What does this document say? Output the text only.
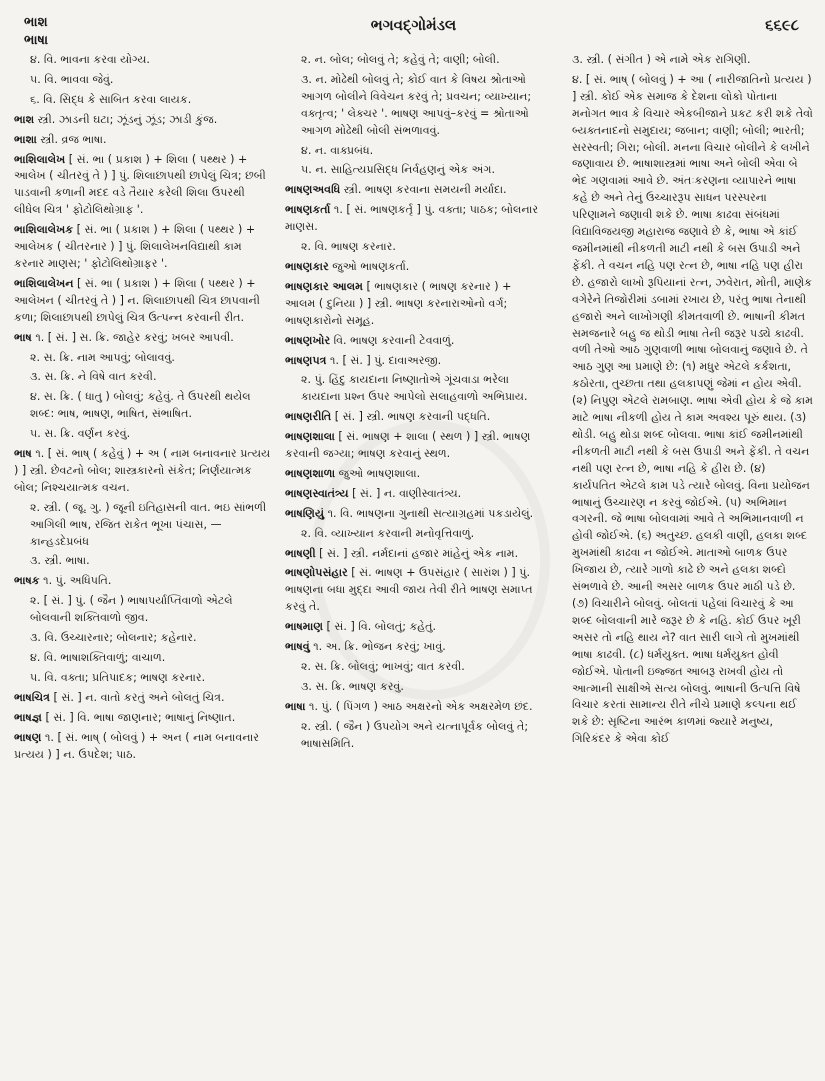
ભાશ
ભાષા
ભગવદ્ગોમંડલ	૬૬૯૮

૪. વિ. ભાવના કરવા યોગ્ય.

૫. વિ. ભાવવા જેવું.

૬. વિ. સિદ્ધ કે સાબિત કરવા લાયક.

ભાશ સ્ત્રી. ઝાડની ઘટા; ઝૂંડનું ઝૂંડ; ઝાડી કુંજ.

ભાશા સ્ત્રી. વ્રજ ભાષા.

ભાશિલાલેખ [ સં. ભા ( પ્રકાશ ) + શિલા ( પથ્થર ) + આલેખ ( ચીતરવું તે ) ] પું. શિલાછાપથી છાપેલું ચિત્ર; છબી પાડવાની કળાની મદદ વડે તૈયાર કરેલી શિલા ઉપરથી લીધેલ ચિત્ર ' ફોટોલિથોગ્રાફ '.

ભાશિલાલેખક [ સં. ભા ( પ્રકાશ ) + શિલા ( પથ્થર ) + આલેખક ( ચીતરનાર ) ] પું. શિલાલેખનવિદ્યાથી કામ કરનાર માણસ; ' ફોટોલિથોગ્રાફર '.

ભાશિલાલેખન [ સં. ભા ( પ્રકાશ ) + શિલા ( પથ્થર ) + આલેખન ( ચીતરવું તે ) ] ન. શિલાછાપથી ચિત્ર છાપવાની કળા; શિલાછાપથી છાપેલું ચિત્ર ઉત્પન્ન કરવાની રીત.

ભાષ ૧. [ સં. ] સ. ક્રિ. જાહેર કરવું; ખબર આપવી.

૨. સ. ક્રિ. નામ આપવું; બોલાવવું.

૩. સ. ક્રિ. ને વિષે વાત કરવી.

૪. સ. ક્રિ. ( ધાતુ ) બોલવું; કહેવું. તે ઉપરથી થયેલ શબ્દ: ભાષ, ભાષણ, ભાષિત, સંભાષિત.

૫. સ. ક્રિ. વર્ણન કરવું.

ભાષ ૧. [ સં. ભાષ્ ( કહેવું ) + અ ( નામ બનાવનાર પ્રત્યય ) ] સ્ત્રી. છેવટનો બોલ; શાસ્ત્રકારનો સંકેત; નિર્ણયાત્મક બોલ; નિશ્ચયાત્મક વચન.

૨. સ્ત્રી. ( જૂ. ગુ. ) જૂની ઇતિહાસની વાત. ભઇ સાંભળી આગિલી ભાષ, રજિત રાકેત ભૂખા પંચાસ, — કાન્હડદેપ્રબંધ

૩. સ્ત્રી. ભાષા.

ભાષક ૧. પું. અધિપતિ.

૨. [ સં. ] પું. ( જૈન ) ભાષાપર્યાપ્તિવાળો એટલે બોલવાની શક્તિવાળો જીવ.

૩. વિ. ઉચ્ચારનાર; બોલનાર; કહેનાર.

૪. વિ. ભાષાશક્તિવાળું; વાચાળ.

૫. વિ. વક્તા; પ્રતિપાદક; ભાષણ કરનાર.

ભાષચિત્ર [ સં. ] ન. વાતો કરતું અને બોલતું ચિત્ર.

ભાષજ્ઞ [ સં. ] વિ. ભાષા જાણનાર; ભાષાનું નિષ્ણાત.

ભાષણ ૧. [ સં. ભાષ્ ( બોલવું ) + અન ( નામ બનાવનાર પ્રત્યય ) ] ન. ઉપદેશ; પાઠ.

૨. ન. બોલ; બોલવું તે; કહેવું તે; વાણી; બોલી.

૩. ન. મોઢેથી બોલવું તે; કોઈ વાત કે વિષય શ્રોતાઓ આગળ બોલીને વિવેચન કરવું તે; પ્રવચન; વ્યાખ્યાન; વક્તૃત્વ; ' લેક્ચર '. ભાષણ આપવું–કરવું = શ્રોતાઓ આગળ મોઢેથી બોલી સંભળાવવું.

૪. ન. વાક્પ્રબંધ.

૫. ન. સાહિત્યપ્રસિદ્ધ નિર્વહણનું એક અંગ.

ભાષણઅવધિ સ્ત્રી. ભાષણ કરવાના સમયની મર્યાદા.

ભાષણકર્તા ૧. [ સં. ભાષણકર્તૃ ] પું. વક્તા; પાઠક; બોલનાર માણસ.

૨. વિ. ભાષણ કરનાર.

ભાષણકાર જુઓ ભાષણકર્તા.

ભાષણકાર આલમ [ ભાષણકાર ( ભાષણ કરનાર ) + આલમ ( દુનિયા ) ] સ્ત્રી. ભાષણ કરનારાઓનો વર્ગ; ભાષણકારોનો સમૂહ.

ભાષણખોર વિ. ભાષણ કરવાની ટેવવાળું.

ભાષણપત્ર ૧. [ સં. ] પું. દાવાઅરજી.

૨. પું. હિંદુ કાયદાના નિષ્ણાતોએ ગૂંચવાડા ભરેલા કાયદાના પ્રશ્ન ઉપર આપેલો સલાહવાળો અભિપ્રાય.

ભાષણરીતિ [ સં. ] સ્ત્રી. ભાષણ કરવાની પદ્ધતિ.

ભાષણશાલા [ સં. ભાષણ + શાલા ( સ્થળ ) ] સ્ત્રી. ભાષણ કરવાની જગ્યા; ભાષણ કરવાનું સ્થળ.

ભાષણશાળા જુઓ ભાષણશાલા.

ભાષણસ્વાતંત્ર્ય [ સં. ] ન. વાણીસ્વાતંત્ર્ય.

ભાષણિયું ૧. વિ. ભાષણના ગુનાથી સત્યાગ્રહમાં પકડાયેલું.

૨. વિ. વ્યાખ્યાન કરવાની મનોવૃત્તિવાળું.

ભાષણી [ સં. ] સ્ત્રી. નર્મદાનાં હજાર માંહેનું એક નામ.

ભાષણોપસંહાર [ સં. ભાષણ + ઉપસંહાર ( સારાંશ ) ] પું. ભાષણના બધા મુદ્દા આવી જાય તેવી રીતે ભાષણ સમાપ્ત કરવું તે.

ભાષમાણ [ સં. ] વિ. બોલતું; કહેતું.

ભાષવું ૧. અ. ક્રિ. ભોજન કરવું; ખાવું.

૨. સ. ક્રિ. બોલવું; ભાખવું; વાત કરવી.

૩. સ. ક્રિ. ભાષણ કરવું.

ભાષા ૧. પું. ( પિંગળ ) આઠ અક્ષરનો એક અક્ષરમેળ છંદ.

૨. સ્ત્રી. ( જૈન ) ઉપયોગ અને યત્નાપૂર્વક બોલવું તે; ભાષાસમિતિ.

૩. સ્ત્રી. ( સંગીત ) એ નામે એક રાગિણી.

૪. [ સં. ભાષ્ ( બોલવું ) + આ ( નારીજાતિનો પ્રત્યય ) ] સ્ત્રી. કોઈ એક સમાજ કે દેશના લોકો પોતાના મનોગત ભાવ કે વિચાર એકબીજાને પ્રકટ કરી શકે તેવો બ્યક્તનાદનો સમુદાય; જબાન; વાણી; બોલી; ભારતી; સરસ્વતી; ગિરા; બોલી. મનના વિચાર બોલીને કે લખીને જણાવાય છે. ભાષાશાસ્ત્રમાં ભાષા અને બોલી એવા બે ભેદ ગણવામાં આવે છે. અંતઃકરણના વ્યાપારને ભાષા કહે છે અને તેનું ઉચ્ચારરૂપ સાધન પરસ્પરના પરિણામને જણાવી શકે છે. ભાષા કાઢવા સંબંધમાં વિદ્યાવિજયજી મહારાજ જણાવે છે કે, ભાષા એ કાંઈ જમીનમાંથી નીકળતી માટી નથી કે બસ ઉપાડી અને ફેંકી. તે વચન નહિ પણ રત્ન છે, ભાષા નહિ પણ હીરા છે. હજારો લાખો રૂપિયાનાં રત્ન, ઝવેરાત, મોતી, માણેક વગેરેને તિજોરીમાં ડબામાં રખાય છે, પરંતુ ભાષા તેનાથી હજારો અને લાખોગણી કીમતવાળી છે. ભાષાની કીમત સમજનારે બહુ જ થોડી ભાષા તેની જરૂર પડ્યે કાઢવી. વળી તેઓ આઠ ગુણવાળી ભાષા બોલવાનું જણાવે છે. તે આઠ ગુણ આ પ્રમાણે છે: (૧) મધુર એટલે કર્કશતા, કઠોરતા, તુચ્છતા તથા હલકાપણું જેમાં ન હોય એવી. (૨) નિપુણ એટલે રામબાણ. ભાષા એવી હોય કે જે કામ માટે ભાષા નીકળી હોય તે કામ અવશ્ય પૂરું થાય. (૩) થોડી. બહુ થોડા શબ્દ બોલવા. ભાષા કાંઈ જમીનમાંથી નીકળતી માટી નથી કે બસ ઉપાડી અને ફેંકી. તે વચન નથી પણ રત્ન છે, ભાષા નહિ કે હીરા છે. (૪) કાર્યપતિત એટલે કામ પડે ત્યારે બોલવું. વિના પ્રયોજન ભાષાનું ઉચ્ચારણ ન કરવું જોઈએ. (૫) અભિમાન વગરની. જે ભાષા બોલવામાં આવે તે અભિમાનવાળી ન હોવી જોઈએ. (૬) અતુચ્છ. હલકી વાણી, હલકા શબ્દ મુખમાંથી કાઢવા ન જોઈએ. માતાઓ બાળક ઉપર ખિજાય છે, ત્યારે ગાળો કાઢે છે અને હલકા શબ્દો સંભળાવે છે. આની અસર બાળક ઉપર માઠી પડે છે. (૭) વિચારીને બોલવું. બોલતાં પહેલાં વિચારવું કે આ શબ્દ બોલવાની મારે જરૂર છે કે નહિ. કોઈ ઉપર ખૂરી અસર તો નહિ થાય ને? વાત સારી લાગે તો મુખમાંથી ભાષા કાઢવી. (૮) ધર્મયુક્ત. ભાષા ધર્મયુક્ત હોવી જોઈએ. પોતાની ઇજ્જત આબરૂ રાખવી હોય તો આત્માની સાક્ષીએ સત્ય બોલવું. ભાષાની ઉત્પત્તિ વિષે વિચાર કરતાં સામાન્ય રીતે નીચે પ્રમાણે કલ્પના થઈ શકે છે: સૃષ્ટિના આરંભ કાળમાં જ્યારે મનુષ્ય, ગિરિકંદર કે એવા કોઈ
